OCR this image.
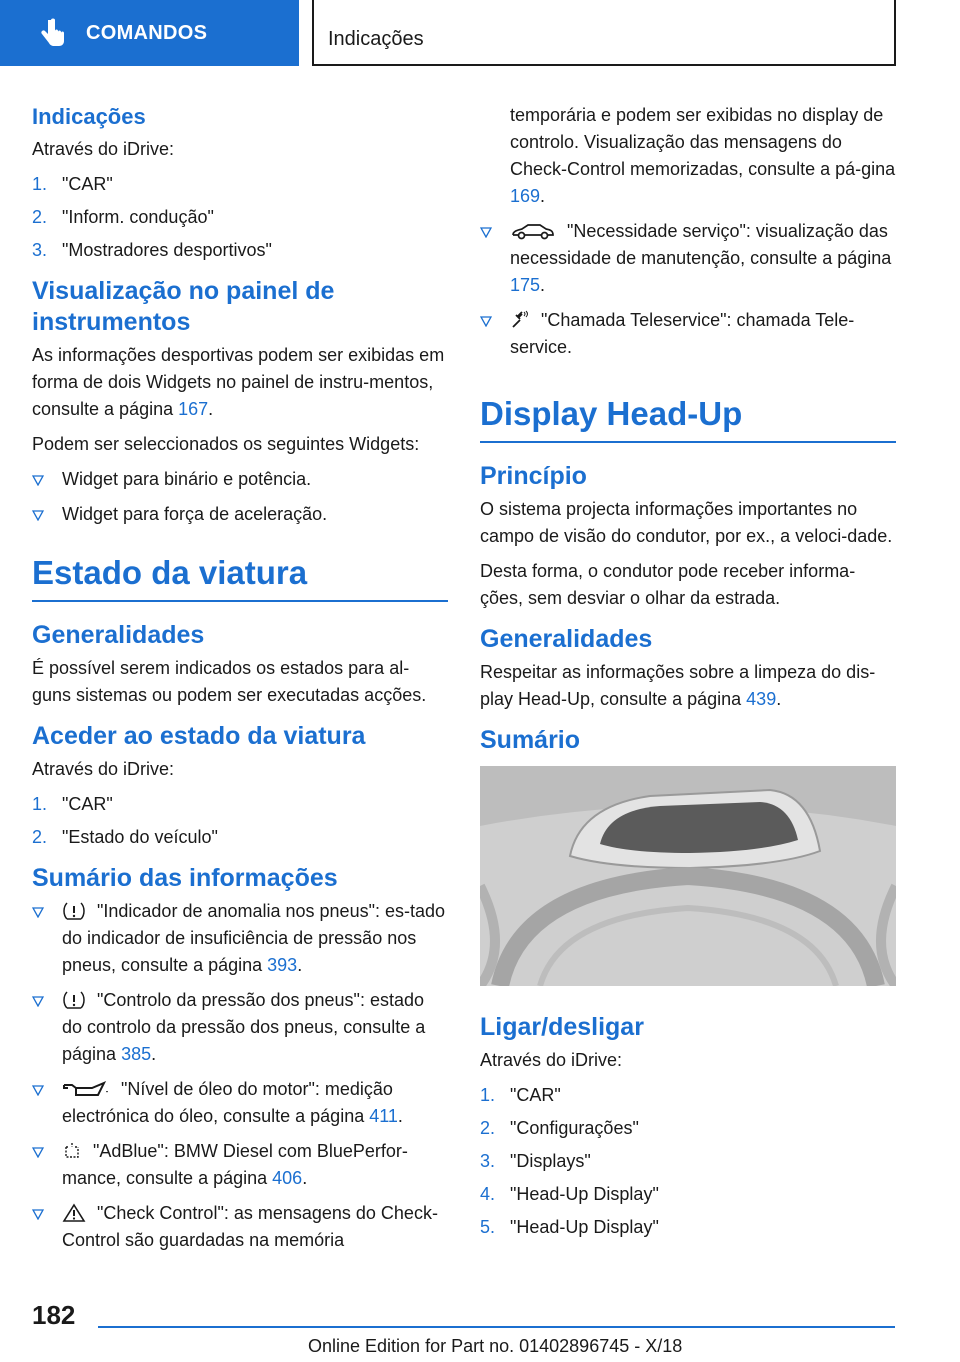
COMANDOS	Indicações
Indicações

Através do iDrive:

1. "CAR"
2. "Inform. condução"
3. "Mostradores desportivos"
Visualização no painel de instrumentos

As informações desportivas podem ser exibidas em forma de dois Widgets no painel de instru‐mentos, consulte a página 167.

Podem ser seleccionados os seguintes Widgets:

Widget para binário e potência.
Widget para força de aceleração.
Estado da viatura
Generalidades

É possível serem indicados os estados para al‐guns sistemas ou podem ser executadas acções.

Aceder ao estado da viatura

Através do iDrive:

1. "CAR"
2. "Estado do veículo"
Sumário das informações
"Indicador de anomalia nos pneus": es‐tado do indicador de insuficiência de pressão nos pneus, consulte a página 393.
"Controlo da pressão dos pneus": estado do controlo da pressão dos pneus, consulte a página 385.
"Nível de óleo do motor": medição electrónica do óleo, consulte a página 411.
"AdBlue": BMW Diesel com BluePerfor‐mance, consulte a página 406.
"Check Control": as mensagens do Check-Control são guardadas na memória
temporária e podem ser exibidas no display de controlo. Visualização das mensagens do Check-Control memorizadas, consulte a pá‐gina 169.
"Necessidade serviço": visualização das necessidade de manutenção, consulte a página 175.
"Chamada Teleservice": chamada Tele‐service.
Display Head-Up
Princípio

O sistema projecta informações importantes no campo de visão do condutor, por ex., a veloci‐dade.

Desta forma, o condutor pode receber informa‐ções, sem desviar o olhar da estrada.

Generalidades

Respeitar as informações sobre a limpeza do dis‐play Head-Up, consulte a página 439.

Sumário
Ligar/desligar

Através do iDrive:

1. "CAR"
2. "Configurações"
3. "Displays"
4. "Head-Up Display"
5. "Head-Up Display"
182
Online Edition for Part no. 01402896745 - X/18
